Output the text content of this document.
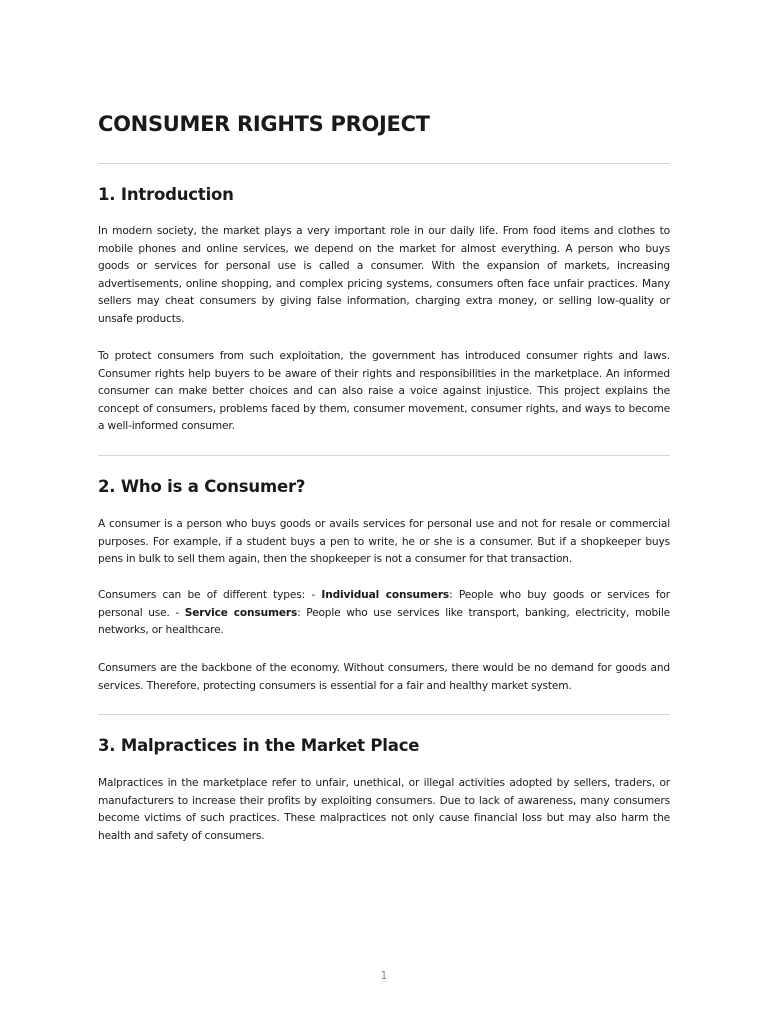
CONSUMER RIGHTS PROJECT
1. Introduction

In modern society, the market plays a very important role in our daily life. From food items and clothes to mobile phones and online services, we depend on the market for almost everything. A person who buys goods or services for personal use is called a consumer. With the expansion of markets, increasing advertisements, online shopping, and complex pricing systems, consumers often face unfair practices. Many sellers may cheat consumers by giving false information, charging extra money, or selling low-quality or unsafe products.

To protect consumers from such exploitation, the government has introduced consumer rights and laws. Consumer rights help buyers to be aware of their rights and responsibilities in the marketplace. An informed consumer can make better choices and can also raise a voice against injustice. This project explains the concept of consumers, problems faced by them, consumer movement, consumer rights, and ways to become a well-informed consumer.

2. Who is a Consumer?

A consumer is a person who buys goods or avails services for personal use and not for resale or commercial purposes. For example, if a student buys a pen to write, he or she is a consumer. But if a shopkeeper buys pens in bulk to sell them again, then the shopkeeper is not a consumer for that transaction.

Consumers can be of different types: - Individual consumers: People who buy goods or services for personal use. - Service consumers: People who use services like transport, banking, electricity, mobile networks, or healthcare.

Consumers are the backbone of the economy. Without consumers, there would be no demand for goods and services. Therefore, protecting consumers is essential for a fair and healthy market system.

3. Malpractices in the Market Place

Malpractices in the marketplace refer to unfair, unethical, or illegal activities adopted by sellers, traders, or manufacturers to increase their profits by exploiting consumers. Due to lack of awareness, many consumers become victims of such practices. These malpractices not only cause financial loss but may also harm the health and safety of consumers.

1
